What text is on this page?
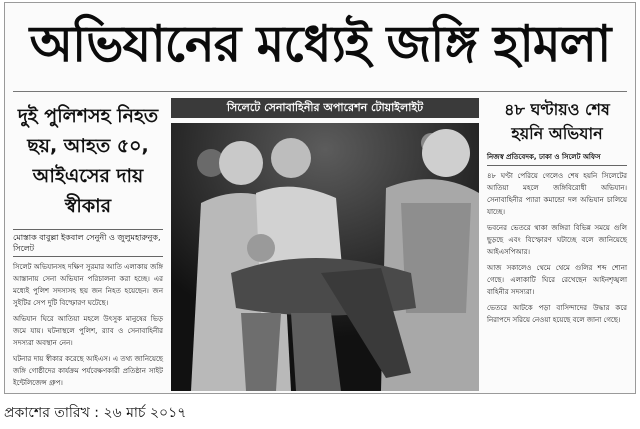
অভিযানের মধ্যেই জঙ্গি হামলা
দুই পুলিশসহ নিহত ছয়, আহত ৫০, আইএসের দায় স্বীকার
মোস্তাক বাবুল্লা ইকবাল সেনুনী ও জুলুমহারুনুক, সিলেট

সিলেট অভিযানসহ দক্ষিণ সুরমার আতি এলাকায় জঙ্গি আস্তানায় সেনা অভিযান পরিচালনা করা হচ্ছে। এর মধ্যেই পুলিশ সদস্যসহ ছয় জন নিহত হয়েছেন। জন সুইটির সেপ দুটি বিস্ফোরণ ঘটেছে।

অভিযান ঘিরে আতিয়া মহলে উৎসুক মানুষের ভিড় জমে যায়। ঘটনাস্থলে পুলিশ, র‍্যাব ও সেনাবাহিনীর সদস্যরা অবস্থান নেন।

ঘটনার দায় স্বীকার করেছে আইএস। এ তথ্য জানিয়েছে জঙ্গি গোষ্ঠীদের কার্যক্রম পর্যবেক্ষণকারী প্রতিষ্ঠান সাইট ইন্টেলিজেন্স গ্রুপ।

সিলেটে সেনাবাহিনীর অপারেশন টোয়াইলাইট	৪৮ ঘণ্টায়ও শেষ হয়নি অভিযান
নিজস্ব প্রতিবেদক, ঢাকা ও সিলেট অফিস

৪৮ ঘণ্টা পেরিয়ে গেলেও শেষ হয়নি সিলেটের আতিয়া মহলে জঙ্গিবিরোধী অভিযান। সেনাবাহিনীর প্যারা কমান্ডো দল অভিযান চালিয়ে যাচ্ছে।

ভবনের ভেতরে থাকা জঙ্গিরা বিভিন্ন সময়ে গুলি ছুড়ছে এবং বিস্ফোরণ ঘটাচ্ছে বলে জানিয়েছে আইএসপিআর।

আজ সকালেও থেমে থেমে গুলির শব্দ শোনা গেছে। এলাকাটি ঘিরে রেখেছেন আইনশৃঙ্খলা বাহিনীর সদস্যরা।

ভেতরে আটকে পড়া বাসিন্দাদের উদ্ধার করে নিরাপদে সরিয়ে নেওয়া হয়েছে বলে জানা গেছে।

প্রকাশের তারিখ : ২৬ মার্চ ২০১৭
